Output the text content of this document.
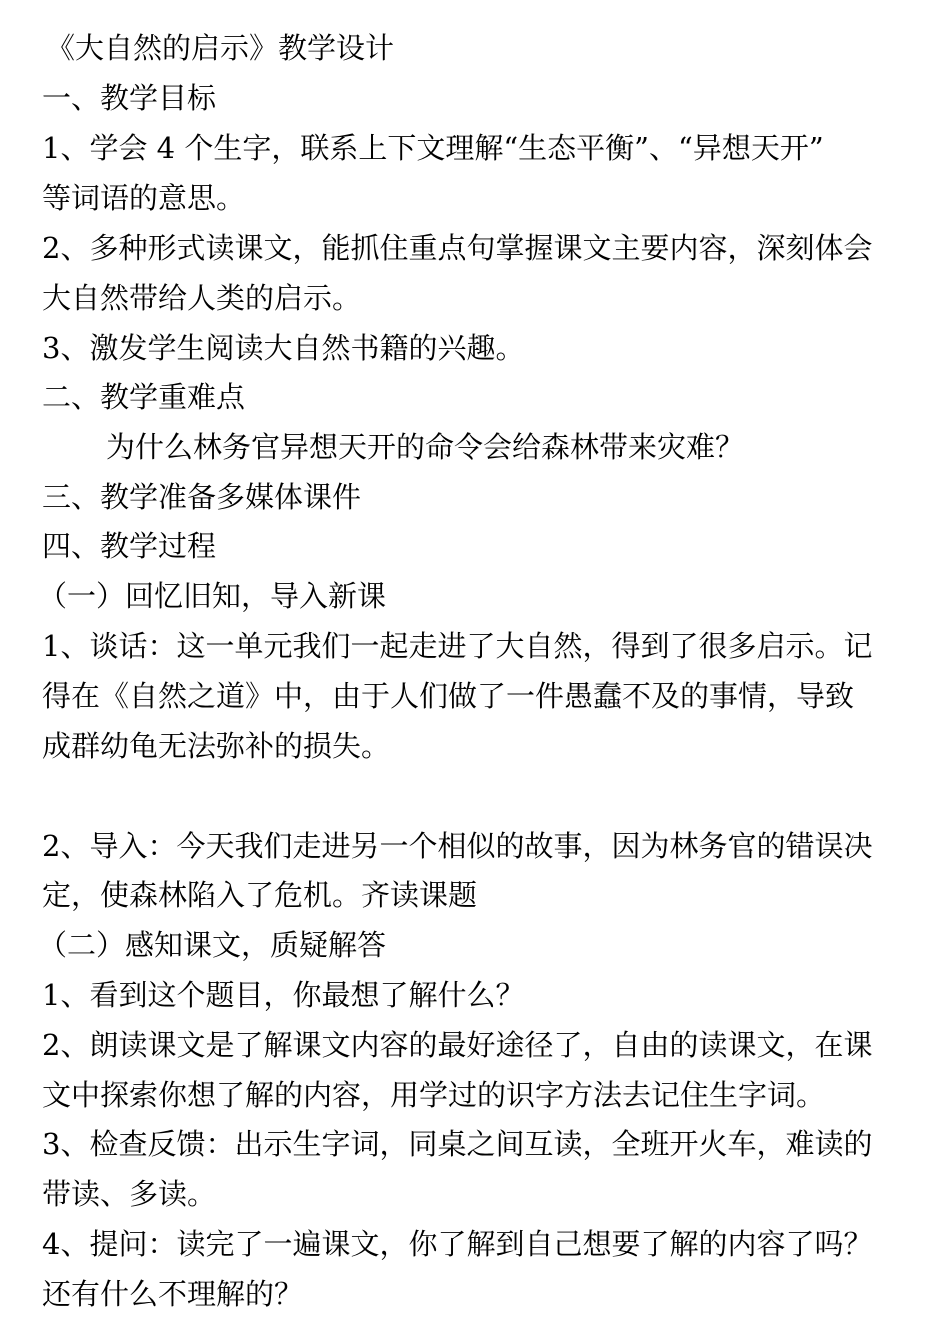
《大自然的启示》教学设计
一、教学目标
1、学会 4 个生字，联系上下文理解“生态平衡”、“异想天开”
等词语的意思。
2、多种形式读课文，能抓住重点句掌握课文主要内容，深刻体会
大自然带给人类的启示。
3、激发学生阅读大自然书籍的兴趣。
二、教学重难点
为什么林务官异想天开的命令会给森林带来灾难？
三、教学准备多媒体课件
四、教学过程
（一）回忆旧知，导入新课
1、谈话：这一单元我们一起走进了大自然，得到了很多启示。记
得在《自然之道》中，由于人们做了一件愚蠢不及的事情，导致
成群幼龟无法弥补的损失。
2、导入：今天我们走进另一个相似的故事，因为林务官的错误决
定，使森林陷入了危机。齐读课题
（二）感知课文，质疑解答
1、看到这个题目，你最想了解什么？
2、朗读课文是了解课文内容的最好途径了，自由的读课文，在课
文中探索你想了解的内容，用学过的识字方法去记住生字词。
3、检查反馈：出示生字词，同桌之间互读，全班开火车，难读的
带读、多读。
4、提问：读完了一遍课文，你了解到自己想要了解的内容了吗？
还有什么不理解的？
